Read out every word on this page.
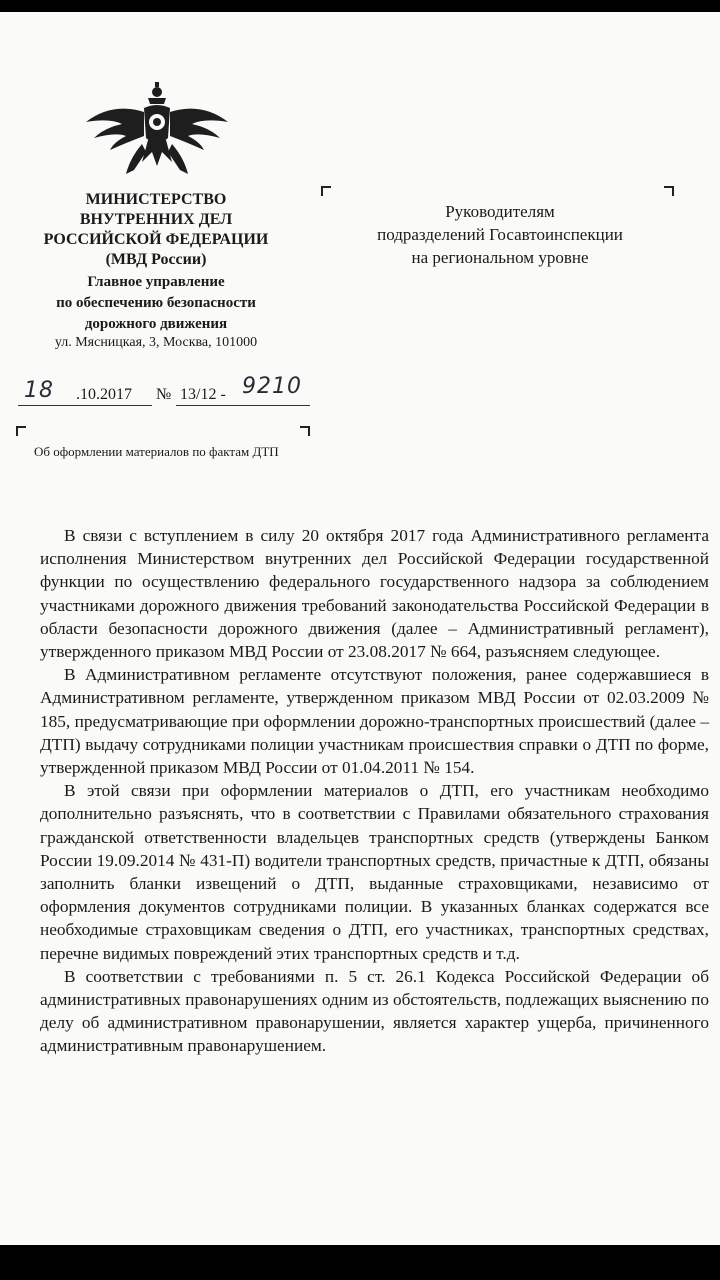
МИНИСТЕРСТВО
ВНУТРЕННИХ ДЕЛ
РОССИЙСКОЙ ФЕДЕРАЦИИ
(МВД России)
Главное управление
по обеспечению безопасности
дорожного движения
ул. Мясницкая, 3, Москва, 101000
Руководителям
подразделений Госавтоинспекции
на региональном уровне
18 .10.2017 № 13/12 - 9210
Об оформлении материалов по фактам ДТП

В связи с вступлением в силу 20 октября 2017 года Административного регламента исполнения Министерством внутренних дел Российской Федерации государственной функции по осуществлению федерального государственного надзора за соблюдением участниками дорожного движения требований законодательства Российской Федерации в области безопасности дорожного движения (далее – Административный регламент), утвержденного приказом МВД России от 23.08.2017 № 664, разъясняем следующее.

В Административном регламенте отсутствуют положения, ранее содержавшиеся в Административном регламенте, утвержденном приказом МВД России от 02.03.2009 № 185, предусматривающие при оформлении дорожно-транспортных происшествий (далее – ДТП) выдачу сотрудниками полиции участникам происшествия справки о ДТП по форме, утвержденной приказом МВД России от 01.04.2011 № 154.

В этой связи при оформлении материалов о ДТП, его участникам необходимо дополнительно разъяснять, что в соответствии с Правилами обязательного страхования гражданской ответственности владельцев транспортных средств (утверждены Банком России 19.09.2014 № 431-П) водители транспортных средств, причастные к ДТП, обязаны заполнить бланки извещений о ДТП, выданные страховщиками, независимо от оформления документов сотрудниками полиции. В указанных бланках содержатся все необходимые страховщикам сведения о ДТП, его участниках, транспортных средствах, перечне видимых повреждений этих транспортных средств и т.д.

В соответствии с требованиями п. 5 ст. 26.1 Кодекса Российской Федерации об административных правонарушениях одним из обстоятельств, подлежащих выяснению по делу об административном правонарушении, является характер ущерба, причиненного административным правонарушением.
